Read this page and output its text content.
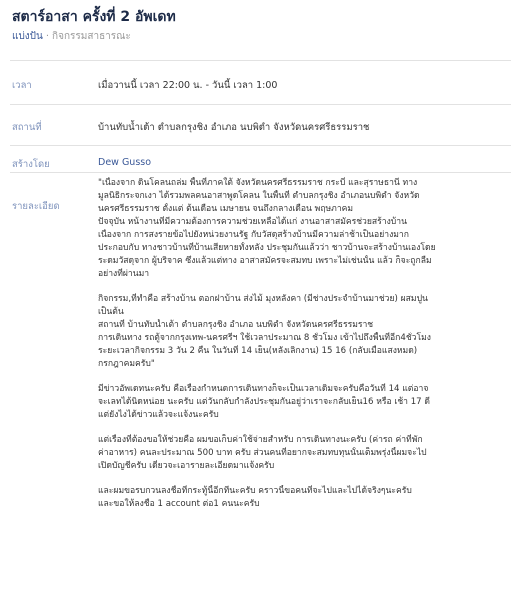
สตาร์อาสา ครั้งที่ 2 อัพเดท
แบ่งปัน · กิจกรรมสาธารณะ
เวลา	เมื่อวานนี้ เวลา 22:00 น. - วันนี้ เวลา 1:00
สถานที่	บ้านทับน้ำเต้า ตำบลกรุงชิง อำเภอ นบพิตำ จังหวัดนครศรีธรรมราช
สร้างโดย	Dew Gusso
รายละเอียด

"เนื่องจาก ดินโคลนถล่ม พื้นที่ภาคใต้ จังหวัดนครศรีธรรมราช กระบี่ และสุราษธานี ทาง
มูลนิธิกระจกเงา ได้รวมพลคนอาสาพูดโคลน ในพื้นที่ ตำบลกรุงชิง อำเภอนบพิตำ จังหวัด
นครศรีธรรมราช ตั้งแต่ ต้นเดือน เมษายน จนถึงกลางเดือน พฤษภาคม
ปัจจุบัน หน้างานที่มีความต้องการความช่วยเหลือได้แก่ งานอาสาสมัครช่วยสร้างบ้าน
เนื่องจาก การสงรายข้อไปยังหน่วยงานรัฐ กับวัสดุสร้างบ้านมีความล่าช้าเป็นอย่างมาก
ประกอบกับ ทางชาวบ้านที่บ้านเสียหายทั้งหลัง ประชุมกันแล้วว่า ชาวบ้านจะสร้างบ้านเองโดย
ระดมวัสดุจาก ผู้บริจาค ซึ่งแล้วแต่ทาง อาสาสมัครจะสมทบ เพราะไม่เช่นนั้น แล้ว ก็จะถูกลืม
อย่างที่ผ่านมา

กิจกรรม,ที่ทำคือ สร้างบ้าน ตอกฝาบ้าน ส่งไม้ มุงหลังคา (มีช่างประจำบ้านมาช่วย) ผสมปูน
เป็นต้น
สถานที่ บ้านทับน้ำเต้า ตำบลกรุงชิง อำเภอ นบพิตำ จังหวัดนครศรีธรรมราช
การเดินทาง รถตู้จากกรุงเทพ-นครศรีฯ ใช้เวลาประมาณ 8 ชั่วโมง เข้าไปถึงพื้นที่อีก4ชั่วโมง
ระยะเวลากิจกรรม 3 วัน 2 คืน ในวันที่ 14 เย็น(หลังเลิกงาน) 15 16 (กลับเมื่อแสงหมด)
กรกฎาคมครับ"

มีข่าวอัพเดทนะครับ คือเรื่องกำหนดการเดินทางก็จะเป็นเวลาเดิมจะครับคือวันที่ 14 แต่อาจ
จะเลทได้นิดหน่อย นะครับ แต่วันกลับกำลังประชุมกันอยู่ว่าเราจะกลับเย็น16 หรือ เช้า 17 ดี
แต่ยังไงได้ข่าวแล้วจะแจ้งนะครับ

แต่เรื่องที่ต้องขอให้ช่วยคือ ผมขอเก็บค่าใช้จ่ายสำหรับ การเดินทางนะครับ (ค่ารถ ค่าที่พัก
ค่าอาหาร) คนละประมาณ 500 บาท ครับ ส่วนคนที่อยากจะสมทบทุนนั้นเต็มพรุ่งนี้ผมจะไป
เปิดบัญชีครับ เดี๋ยวจะเอารายละเอียดมาแจ้งครับ

และผมขอรบกวนลงชื่อที่กระทู้นี้อีกทีนะครับ คราวนี้ขอคนที่จะไปและไปได้จริงๆนะครับ
และขอให้ลงชื่อ 1 account ต่อ1 คนนะครับ
